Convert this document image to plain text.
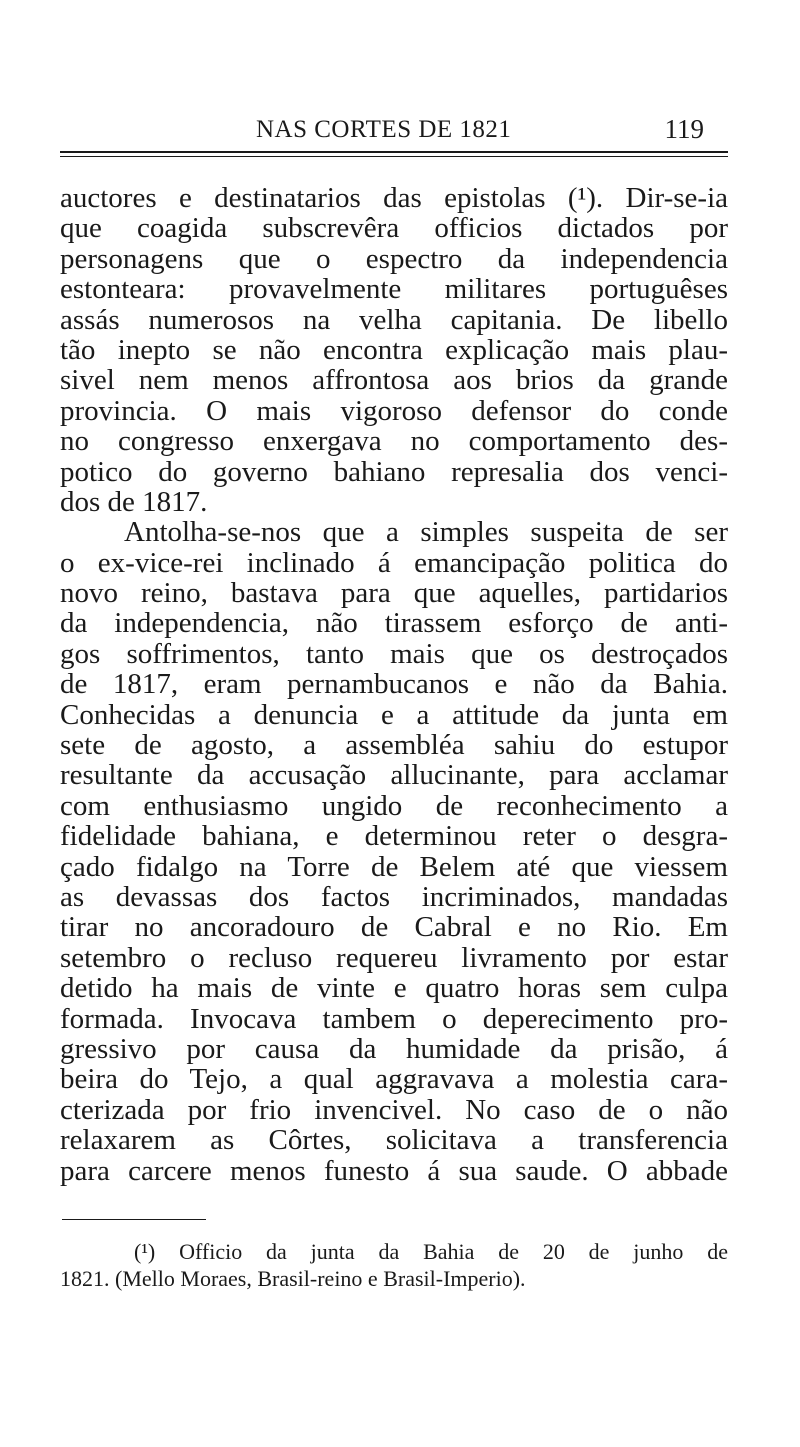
NAS CORTES DE 1821	119
auctores e destinatarios das epistolas (¹). Dir-se-ia
que coagida subscrevêra officios dictados por
personagens que o espectro da independencia
estonteara: provavelmente militares portuguêses
assás numerosos na velha capitania. De libello
tão inepto se não encontra explicação mais plau-
sivel nem menos affrontosa aos brios da grande
provincia. O mais vigoroso defensor do conde
no congresso enxergava no comportamento des-
potico do governo bahiano represalia dos venci-
dos de 1817.
Antolha-se-nos que a simples suspeita de ser
o ex-vice-rei inclinado á emancipação politica do
novo reino, bastava para que aquelles, partidarios
da independencia, não tirassem esforço de anti-
gos soffrimentos, tanto mais que os destroçados
de 1817, eram pernambucanos e não da Bahia.
Conhecidas a denuncia e a attitude da junta em
sete de agosto, a assembléa sahiu do estupor
resultante da accusação allucinante, para acclamar
com enthusiasmo ungido de reconhecimento a
fidelidade bahiana, e determinou reter o desgra-
çado fidalgo na Torre de Belem até que viessem
as devassas dos factos incriminados, mandadas
tirar no ancoradouro de Cabral e no Rio. Em
setembro o recluso requereu livramento por estar
detido ha mais de vinte e quatro horas sem culpa
formada. Invocava tambem o deperecimento pro-
gressivo por causa da humidade da prisão, á
beira do Tejo, a qual aggravava a molestia cara-
cterizada por frio invencivel. No caso de o não
relaxarem as Côrtes, solicitava a transferencia
para carcere menos funesto á sua saude. O abbade
(¹) Officio da junta da Bahia de 20 de junho de
1821. (Mello Moraes, Brasil-reino e Brasil-Imperio).
